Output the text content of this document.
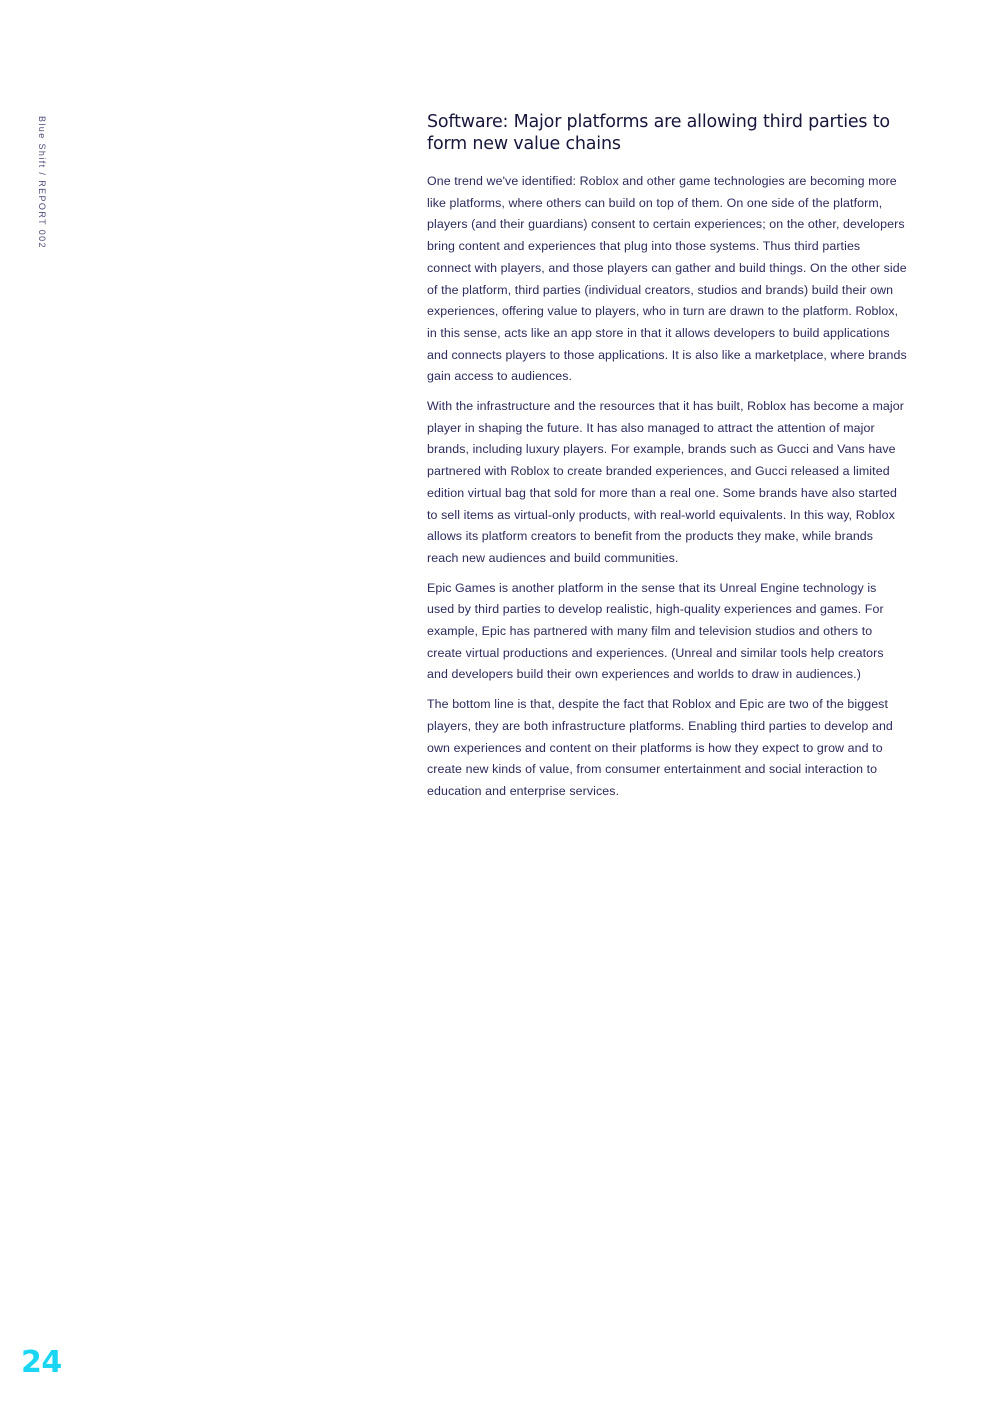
Blue Shift / REPORT 002	Software: Major platforms are allowing third parties to form new value chains

One trend we've identified: Roblox and other game technologies are becoming more like platforms, where others can build on top of them. On one side of the platform, players (and their guardians) consent to certain experiences; on the other, developers bring content and experiences that plug into those systems. Thus third parties connect with players, and those players can gather and build things. On the other side of the platform, third parties (individual creators, studios and brands) build their own experiences, offering value to players, who in turn are drawn to the platform. Roblox, in this sense, acts like an app store in that it allows developers to build applications and connects players to those applications. It is also like a marketplace, where brands gain access to audiences.

With the infrastructure and the resources that it has built, Roblox has become a major player in shaping the future. It has also managed to attract the attention of major brands, including luxury players. For example, brands such as Gucci and Vans have partnered with Roblox to create branded experiences, and Gucci released a limited edition virtual bag that sold for more than a real one. Some brands have also started to sell items as virtual-only products, with real-world equivalents. In this way, Roblox allows its platform creators to benefit from the products they make, while brands reach new audiences and build communities.

Epic Games is another platform in the sense that its Unreal Engine technology is used by third parties to develop realistic, high-quality experiences and games. For example, Epic has partnered with many film and television studios and others to create virtual productions and experiences. (Unreal and similar tools help creators and developers build their own experiences and worlds to draw in audiences.)

The bottom line is that, despite the fact that Roblox and Epic are two of the biggest players, they are both infrastructure platforms. Enabling third parties to develop and own experiences and content on their platforms is how they expect to grow and to create new kinds of value, from consumer entertainment and social interaction to education and enterprise services.

24
